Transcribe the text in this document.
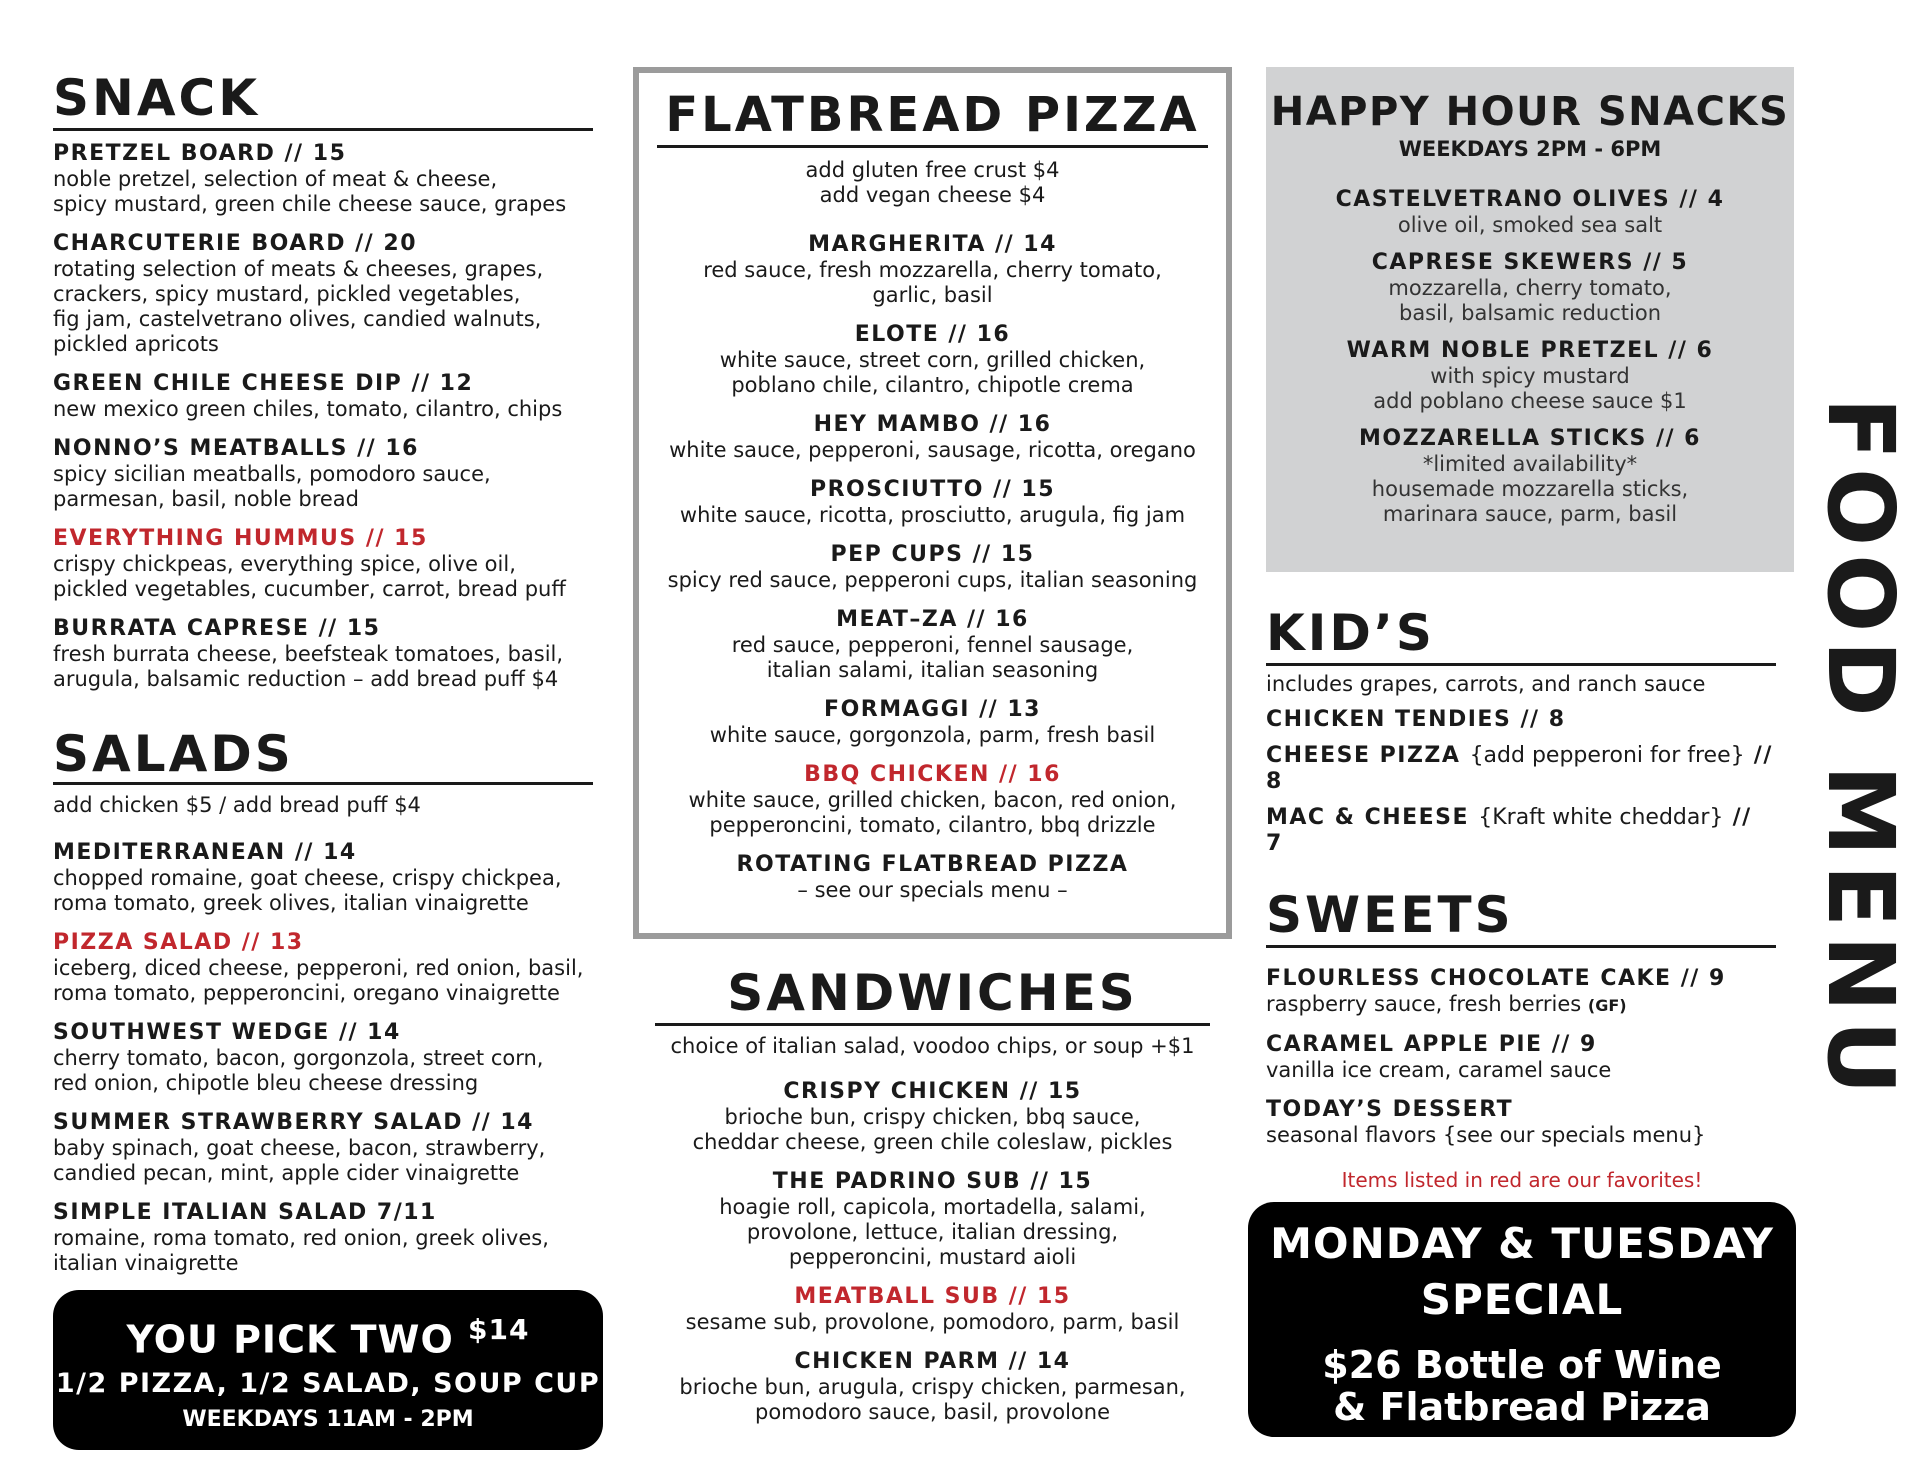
SNACK

PRETZEL BOARD // 15

noble pretzel, selection of meat & cheese,

spicy mustard, green chile cheese sauce, grapes

CHARCUTERIE BOARD // 20

rotating selection of meats & cheeses, grapes,

crackers, spicy mustard, pickled vegetables,

fig jam, castelvetrano olives, candied walnuts,

pickled apricots

GREEN CHILE CHEESE DIP // 12

new mexico green chiles, tomato, cilantro, chips

NONNO’S MEATBALLS // 16

spicy sicilian meatballs, pomodoro sauce,

parmesan, basil, noble bread

EVERYTHING HUMMUS // 15

crispy chickpeas, everything spice, olive oil,

pickled vegetables, cucumber, carrot, bread puff

BURRATA CAPRESE // 15

fresh burrata cheese, beefsteak tomatoes, basil,

arugula, balsamic reduction – add bread puff $4

SALADS

add chicken $5 / add bread puff $4

MEDITERRANEAN // 14

chopped romaine, goat cheese, crispy chickpea,

roma tomato, greek olives, italian vinaigrette

PIZZA SALAD // 13

iceberg, diced cheese, pepperoni, red onion, basil,

roma tomato, pepperoncini, oregano vinaigrette

SOUTHWEST WEDGE // 14

cherry tomato, bacon, gorgonzola, street corn,

red onion, chipotle bleu cheese dressing

SUMMER STRAWBERRY SALAD // 14

baby spinach, goat cheese, bacon, strawberry,

candied pecan, mint, apple cider vinaigrette

SIMPLE ITALIAN SALAD 7/11

romaine, roma tomato, red onion, greek olives,

italian vinaigrette

YOU PICK TWO $^{\$14}$
1/2 PIZZA, 1/2 SALAD, SOUP CUP
WEEKDAYS 11AM - 2PM
FLATBREAD PIZZA

add gluten free crust $4

add vegan cheese $4

MARGHERITA // 14

red sauce, fresh mozzarella, cherry tomato,

garlic, basil

ELOTE // 16

white sauce, street corn, grilled chicken,

poblano chile, cilantro, chipotle crema

HEY MAMBO // 16

white sauce, pepperoni, sausage, ricotta, oregano

PROSCIUTTO // 15

white sauce, ricotta, prosciutto, arugula, fig jam

PEP CUPS // 15

spicy red sauce, pepperoni cups, italian seasoning

MEAT–ZA // 16

red sauce, pepperoni, fennel sausage,

italian salami, italian seasoning

FORMAGGI // 13

white sauce, gorgonzola, parm, fresh basil

BBQ CHICKEN // 16

white sauce, grilled chicken, bacon, red onion,

pepperoncini, tomato, cilantro, bbq drizzle

ROTATING FLATBREAD PIZZA

– see our specials menu –

SANDWICHES

choice of italian salad, voodoo chips, or soup +$1

CRISPY CHICKEN // 15

brioche bun, crispy chicken, bbq sauce,

cheddar cheese, green chile coleslaw, pickles

THE PADRINO SUB // 15

hoagie roll, capicola, mortadella, salami,

provolone, lettuce, italian dressing,

pepperoncini, mustard aioli

MEATBALL SUB // 15

sesame sub, provolone, pomodoro, parm, basil

CHICKEN PARM // 14

brioche bun, arugula, crispy chicken, parmesan,

pomodoro sauce, basil, provolone

HAPPY HOUR SNACKS
WEEKDAYS 2PM - 6PM

CASTELVETRANO OLIVES // 4

olive oil, smoked sea salt

CAPRESE SKEWERS // 5

mozzarella, cherry tomato,

basil, balsamic reduction

WARM NOBLE PRETZEL // 6

with spicy mustard

add poblano cheese sauce $1

MOZZARELLA STICKS // 6

*limited availability*

housemade mozzarella sticks,

marinara sauce, parm, basil

KID’S

includes grapes, carrots, and ranch sauce

CHICKEN TENDIES // 8

CHEESE PIZZA {add pepperoni for free} // 8

MAC & CHEESE {Kraft white cheddar} // 7

SWEETS

FLOURLESS CHOCOLATE CAKE // 9

raspberry sauce, fresh berries (GF)

CARAMEL APPLE PIE // 9

vanilla ice cream, caramel sauce

TODAY’S DESSERT

seasonal flavors {see our specials menu}

Items listed in red are our favorites!
MONDAY & TUESDAY
SPECIAL
$26 Bottle of Wine
& Flatbread Pizza
FOOD MENU
